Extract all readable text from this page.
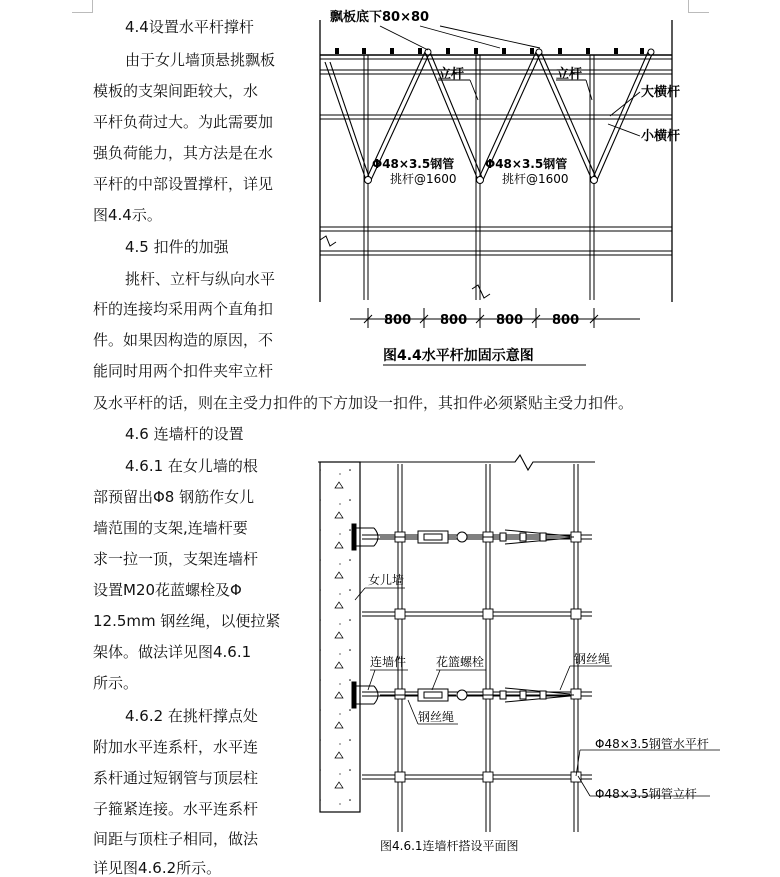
4.4设置水平杆撑杆
由于女儿墙顶悬挑飘板
模板的支架间距较大，水
平杆负荷过大。为此需要加
强负荷能力，其方法是在水
平杆的中部设置撑杆，详见
图4.4示。
4.5 扣件的加强
挑杆、立杆与纵向水平
杆的连接均采用两个直角扣
件。如果因构造的原因，不
能同时用两个扣件夹牢立杆
及水平杆的话，则在主受力扣件的下方加设一扣件，其扣件必须紧贴主受力扣件。
4.6 连墙杆的设置
4.6.1 在女儿墙的根
部预留出Φ8 钢筋作女儿
墙范围的支架,连墙杆要
求一拉一顶，支架连墙杆
设置M20花蓝螺栓及Φ
12.5mm 钢丝绳，以便拉紧
架体。做法详见图4.6.1
所示。
4.6.2 在挑杆撑点处
附加水平连系杆，水平连
系杆通过短钢管与顶层柱
子箍紧连接。水平连系杆
间距与顶柱子相同，做法
详见图4.6.2所示。
飘板底下80×80
立杆	立杆
大横杆
小横杆
Φ48×3.5钢管	Φ48×3.5钢管
挑杆@1600	挑杆@1600
800 800 800 800
图4.4水平杆加固示意图
女儿墙
连墙件 花篮螺栓	钢丝绳
钢丝绳
Φ48×3.5钢管水平杆
Φ48×3.5钢管立杆
图4.6.1连墙杆搭设平面图
